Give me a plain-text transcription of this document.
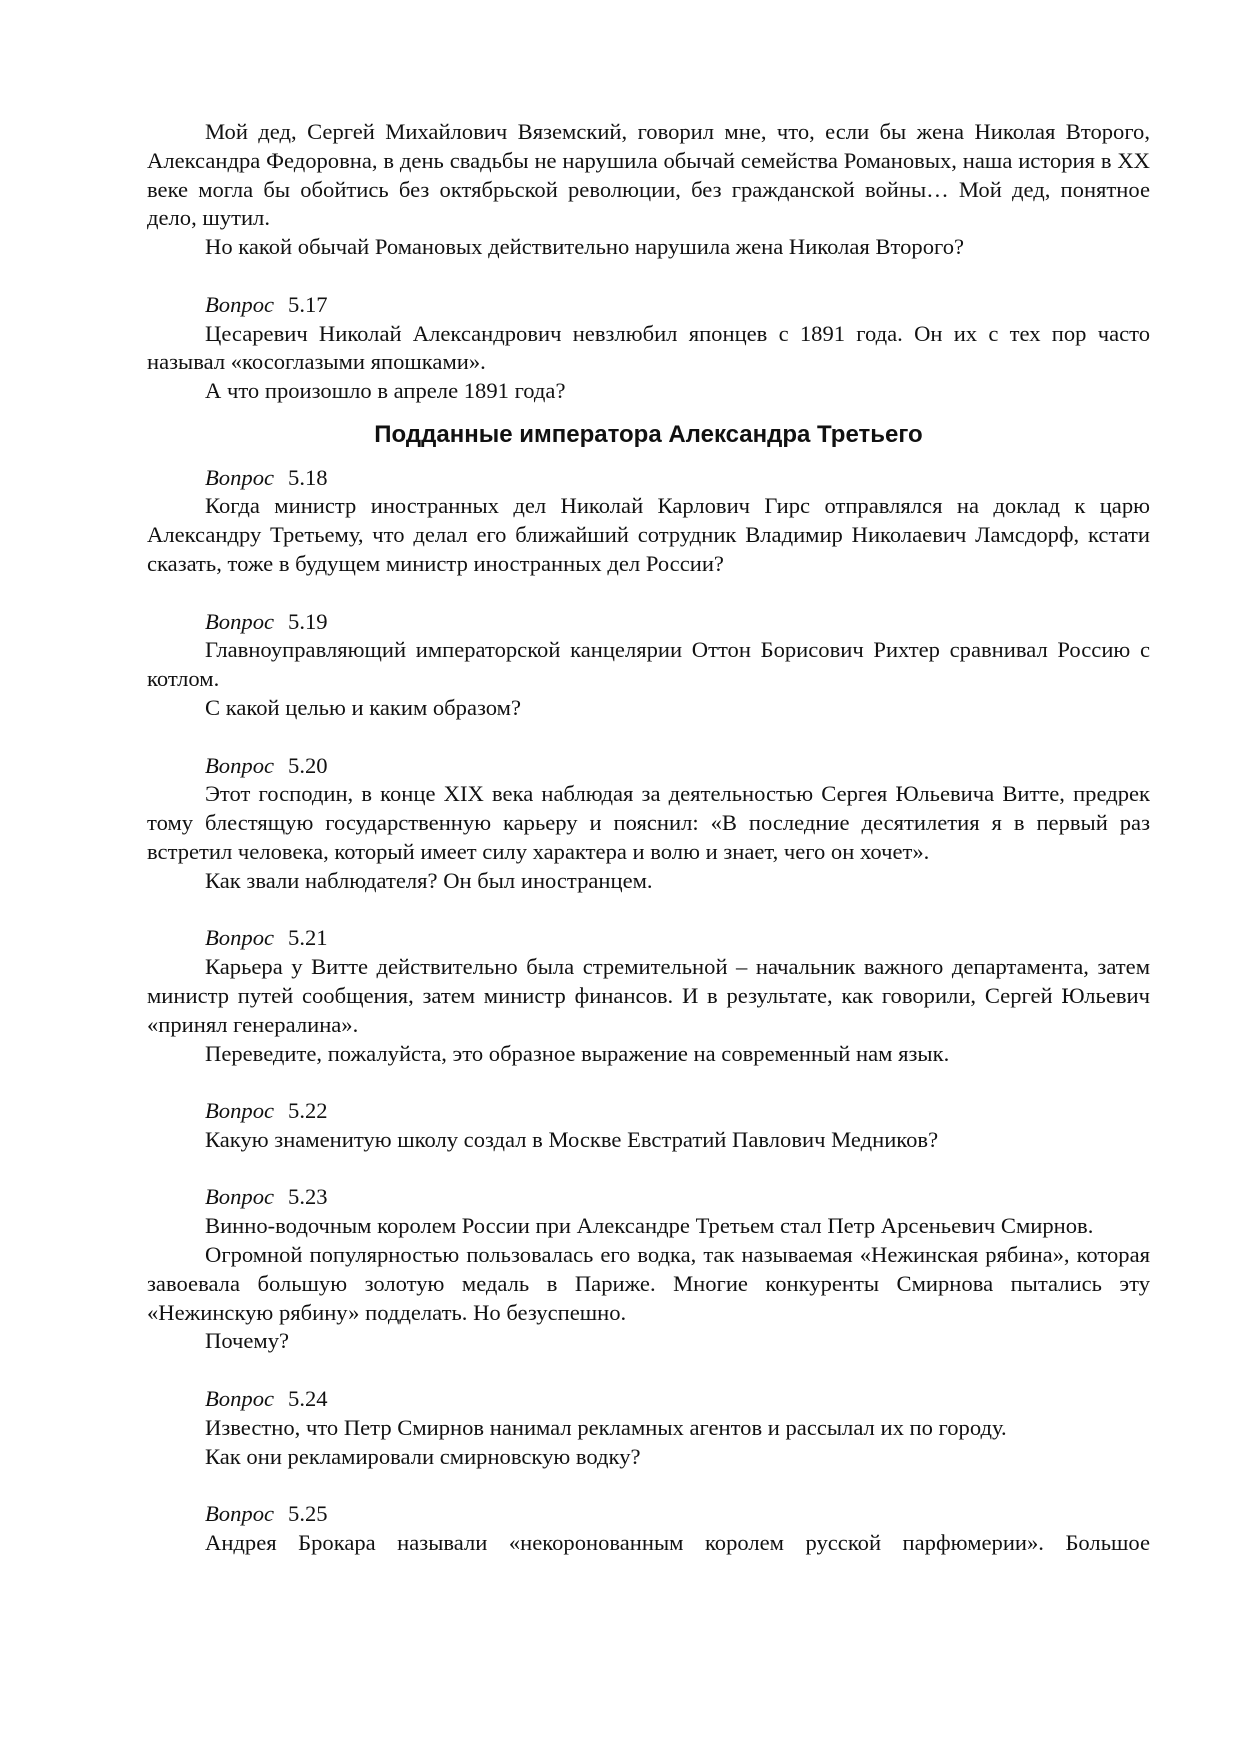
Мой дед, Сергей Михайлович Вяземский, говорил мне, что, если бы жена Николая Второго, Александра Федоровна, в день свадьбы не нарушила обычай семейства Романовых, наша история в XX веке могла бы обойтись без октябрьской революции, без гражданской войны… Мой дед, понятное дело, шутил.

Но какой обычай Романовых действительно нарушила жена Николая Второго?

Вопрос 5.17

Цесаревич Николай Александрович невзлюбил японцев с 1891 года. Он их с тех пор часто называл «косоглазыми япошками».

А что произошло в апреле 1891 года?

Подданные императора Александра Третьего

Вопрос 5.18

Когда министр иностранных дел Николай Карлович Гирс отправлялся на доклад к царю Александру Третьему, что делал его ближайший сотрудник Владимир Николаевич Ламсдорф, кстати сказать, тоже в будущем министр иностранных дел России?

Вопрос 5.19

Главноуправляющий императорской канцелярии Оттон Борисович Рихтер сравнивал Россию с котлом.

С какой целью и каким образом?

Вопрос 5.20

Этот господин, в конце XIX века наблюдая за деятельностью Сергея Юльевича Витте, предрек тому блестящую государственную карьеру и пояснил: «В последние десятилетия я в первый раз встретил человека, который имеет силу характера и волю и знает, чего он хочет».

Как звали наблюдателя? Он был иностранцем.

Вопрос 5.21

Карьера у Витте действительно была стремительной – начальник важного департамента, затем министр путей сообщения, затем министр финансов. И в результате, как говорили, Сергей Юльевич «принял генералина».

Переведите, пожалуйста, это образное выражение на современный нам язык.

Вопрос 5.22

Какую знаменитую школу создал в Москве Евстратий Павлович Медников?

Вопрос 5.23

Винно-водочным королем России при Александре Третьем стал Петр Арсеньевич Смирнов.

Огромной популярностью пользовалась его водка, так называемая «Нежинская рябина», которая завоевала большую золотую медаль в Париже. Многие конкуренты Смирнова пытались эту «Нежинскую рябину» подделать. Но безуспешно.

Почему?

Вопрос 5.24

Известно, что Петр Смирнов нанимал рекламных агентов и рассылал их по городу.

Как они рекламировали смирновскую водку?

Вопрос 5.25

Андрея Брокара называли «некоронованным королем русской парфюмерии». Большое
